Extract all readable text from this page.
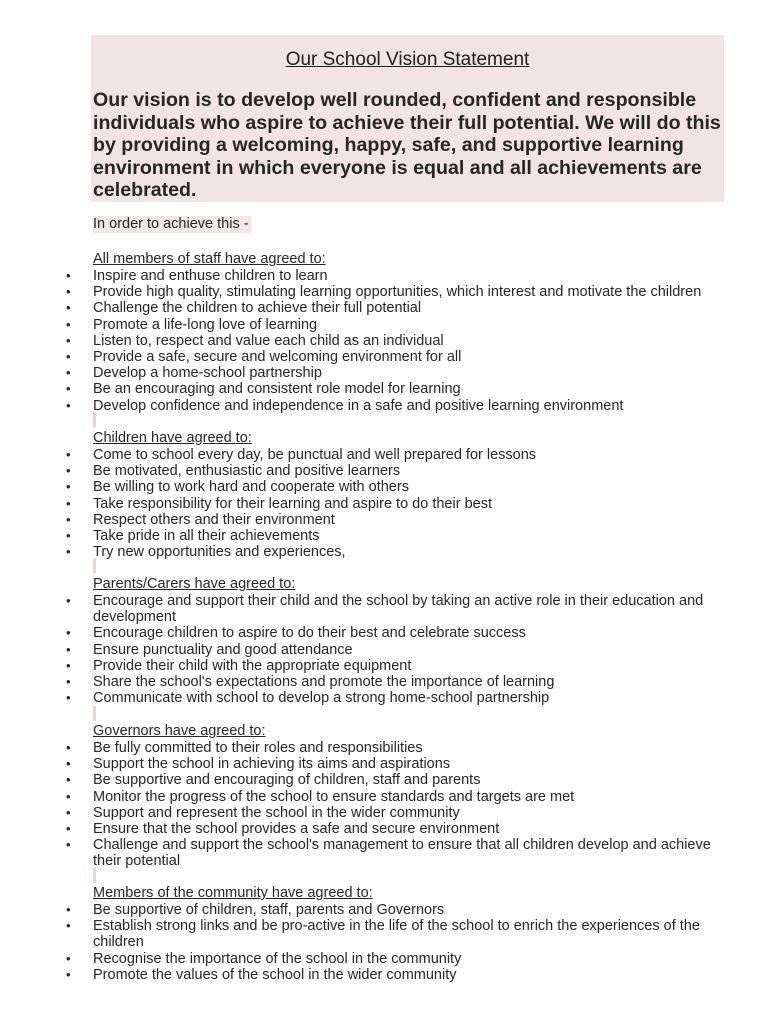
Our School Vision Statement

Our vision is to develop well rounded, confident and responsible individuals who aspire to achieve their full potential. We will do this by providing a welcoming, happy, safe, and supportive learning environment in which everyone is equal and all achievements are celebrated.

In order to achieve this -

All members of staff have agreed to:
• Inspire and enthuse children to learn
• Provide high quality, stimulating learning opportunities, which interest and motivate the children
• Challenge the children to achieve their full potential
• Promote a life-long love of learning
• Listen to, respect and value each child as an individual
• Provide a safe, secure and welcoming environment for all
• Develop a home-school partnership
• Be an encouraging and consistent role model for learning
• Develop confidence and independence in a safe and positive learning environment
Children have agreed to:
• Come to school every day, be punctual and well prepared for lessons
• Be motivated, enthusiastic and positive learners
• Be willing to work hard and cooperate with others
• Take responsibility for their learning and aspire to do their best
• Respect others and their environment
• Take pride in all their achievements
• Try new opportunities and experiences,
Parents/Carers have agreed to:
• Encourage and support their child and the school by taking an active role in their education and development
• Encourage children to aspire to do their best and celebrate success
• Ensure punctuality and good attendance
• Provide their child with the appropriate equipment
• Share the school's expectations and promote the importance of learning
• Communicate with school to develop a strong home-school partnership
Governors have agreed to:
• Be fully committed to their roles and responsibilities
• Support the school in achieving its aims and aspirations
• Be supportive and encouraging of children, staff and parents
• Monitor the progress of the school to ensure standards and targets are met
• Support and represent the school in the wider community
• Ensure that the school provides a safe and secure environment
• Challenge and support the school's management to ensure that all children develop and achieve their potential
Members of the community have agreed to:
• Be supportive of children, staff, parents and Governors
• Establish strong links and be pro-active in the life of the school to enrich the experiences of the children
• Recognise the importance of the school in the community
• Promote the values of the school in the wider community
